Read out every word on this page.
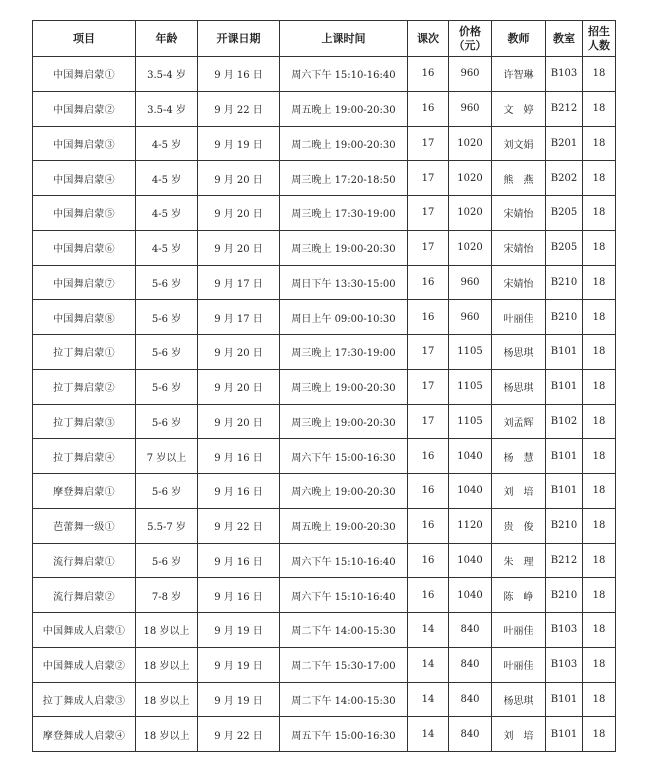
项目	年龄	开课日期	上课时间	课次	价格（元）	教师	教室	招生人数
中国舞启蒙①	3.5-4 岁	9 月 16 日	周六下午 15:10-16:40	16	960	许智琳	B103	18
中国舞启蒙②	3.5-4 岁	9 月 22 日	周五晚上 19:00-20:30	16	960	文　婷	B212	18
中国舞启蒙③	4-5 岁	9 月 19 日	周二晚上 19:00-20:30	17	1020	刘文娟	B201	18
中国舞启蒙④	4-5 岁	9 月 20 日	周三晚上 17:20-18:50	17	1020	熊　燕	B202	18
中国舞启蒙⑤	4-5 岁	9 月 20 日	周三晚上 17:30-19:00	17	1020	宋婧怡	B205	18
中国舞启蒙⑥	4-5 岁	9 月 20 日	周三晚上 19:00-20:30	17	1020	宋婧怡	B205	18
中国舞启蒙⑦	5-6 岁	9 月 17 日	周日下午 13:30-15:00	16	960	宋婧怡	B210	18
中国舞启蒙⑧	5-6 岁	9 月 17 日	周日上午 09:00-10:30	16	960	叶丽佳	B210	18
拉丁舞启蒙①	5-6 岁	9 月 20 日	周三晚上 17:30-19:00	17	1105	杨思琪	B101	18
拉丁舞启蒙②	5-6 岁	9 月 20 日	周三晚上 19:00-20:30	17	1105	杨思琪	B101	18
拉丁舞启蒙③	5-6 岁	9 月 20 日	周三晚上 19:00-20:30	17	1105	刘孟辉	B102	18
拉丁舞启蒙④	7 岁以上	9 月 16 日	周六下午 15:00-16:30	16	1040	杨　慧	B101	18
摩登舞启蒙①	5-6 岁	9 月 16 日	周六晚上 19:00-20:30	16	1040	刘　培	B101	18
芭蕾舞一级①	5.5-7 岁	9 月 22 日	周五晚上 19:00-20:30	16	1120	贵　俊	B210	18
流行舞启蒙①	5-6 岁	9 月 16 日	周六下午 15:10-16:40	16	1040	朱　理	B212	18
流行舞启蒙②	7-8 岁	9 月 16 日	周六下午 15:10-16:40	16	1040	陈　峥	B210	18
中国舞成人启蒙①	18 岁以上	9 月 19 日	周二下午 14:00-15:30	14	840	叶丽佳	B103	18
中国舞成人启蒙②	18 岁以上	9 月 19 日	周二下午 15:30-17:00	14	840	叶丽佳	B103	18
拉丁舞成人启蒙③	18 岁以上	9 月 19 日	周二下午 14:00-15:30	14	840	杨思琪	B101	18
摩登舞成人启蒙④	18 岁以上	9 月 22 日	周五下午 15:00-16:30	14	840	刘　培	B101	18
